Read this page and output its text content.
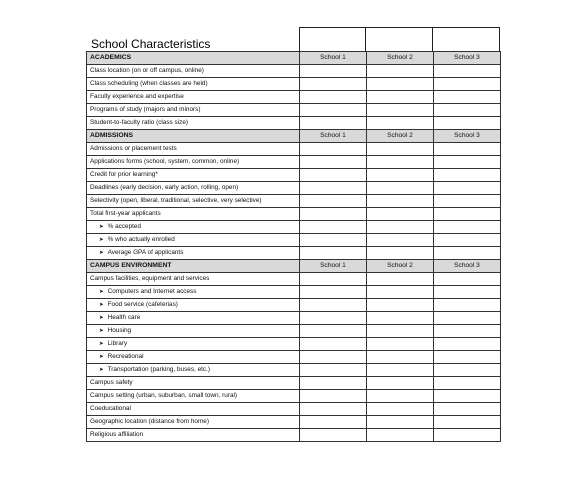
School Characteristics
ACADEMICS	School 1	School 2	School 3
Class location (on or off campus, online)			
Class scheduling (when classes are held)			
Faculty experience and expertise			
Programs of study (majors and minors)			
Student-to-faculty ratio (class size)			
ADMISSIONS	School 1	School 2	School 3
Admissions or placement tests			
Applications forms (school, system, common, online)			
Credit for prior learning*			
Deadlines (early decision, early action, rolling, open)			
Selectivity (open, liberal, traditional, selective, very selective)			
Total first-year applicants			
➤ % accepted			
➤ % who actually enrolled			
➤ Average GPA of applicants			
CAMPUS ENVIRONMENT	School 1	School 2	School 3
Campus facilities, equipment and services			
➤ Computers and Internet access			
➤ Food service (cafeterias)			
➤ Health care			
➤ Housing			
➤ Library			
➤ Recreational			
➤ Transportation (parking, buses, etc.)			
Campus safety			
Campus setting (urban, suburban, small town, rural)			
Coeducational			
Geographic location (distance from home)			
Religious affiliation			
